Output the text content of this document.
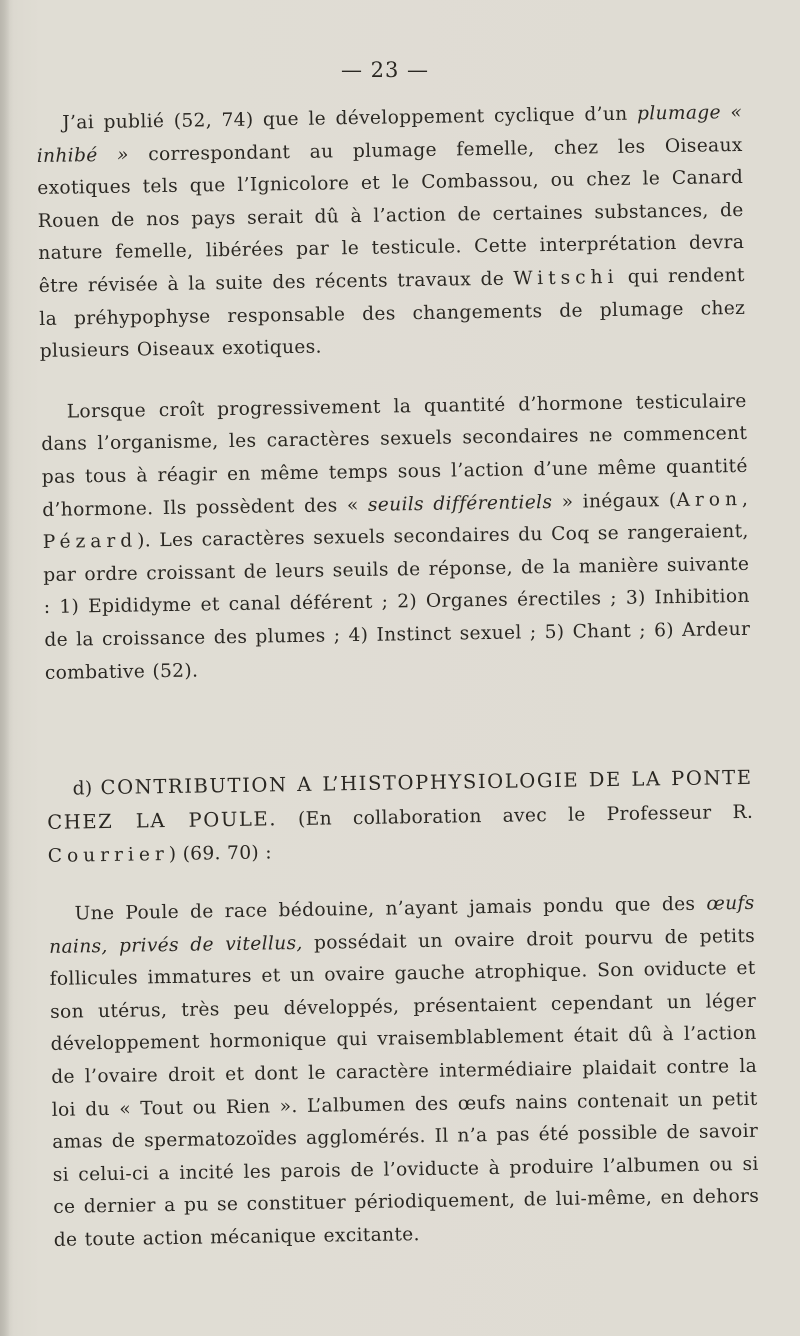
— 23 —

J’ai publié (52, 74) que le développement cyclique d’un plumage « inhibé » correspondant au plumage femelle, chez les Oiseaux exotiques tels que l’Ignicolore et le Combassou, ou chez le Canard Rouen de nos pays serait dû à l’action de certaines substances, de nature femelle, libérées par le testicule. Cette interprétation devra être révisée à la suite des récents travaux de Witschi qui rendent la préhypophyse responsable des changements de plumage chez plusieurs Oiseaux exotiques.

Lorsque croît progressivement la quantité d’hormone testiculaire dans l’organisme, les caractères sexuels secondaires ne commencent pas tous à réagir en même temps sous l’action d’une même quantité d’hormone. Ils possèdent des « seuils différentiels » inégaux (Aron, Pézard). Les caractères sexuels secondaires du Coq se rangeraient, par ordre croissant de leurs seuils de réponse, de la manière suivante : 1) Epididyme et canal déférent ; 2) Organes érectiles ; 3) Inhibition de la croissance des plumes ; 4) Instinct sexuel ; 5) Chant ; 6) Ardeur combative (52).

d) CONTRIBUTION A L’HISTOPHYSIOLOGIE DE LA PONTE CHEZ LA POULE. (En collaboration avec le Professeur R. Courrier) (69. 70) :

Une Poule de race bédouine, n’ayant jamais pondu que des œufs nains, privés de vitellus, possédait un ovaire droit pourvu de petits follicules immatures et un ovaire gauche atrophique. Son oviducte et son utérus, très peu développés, présentaient cependant un léger développement hormonique qui vraisemblablement était dû à l’action de l’ovaire droit et dont le caractère intermédiaire plaidait contre la loi du « Tout ou Rien ». L’albumen des œufs nains contenait un petit amas de spermatozoïdes agglomérés. Il n’a pas été possible de savoir si celui-ci a incité les parois de l’oviducte à produire l’albumen ou si ce dernier a pu se constituer périodiquement, de lui-même, en dehors de toute action mécanique excitante.
